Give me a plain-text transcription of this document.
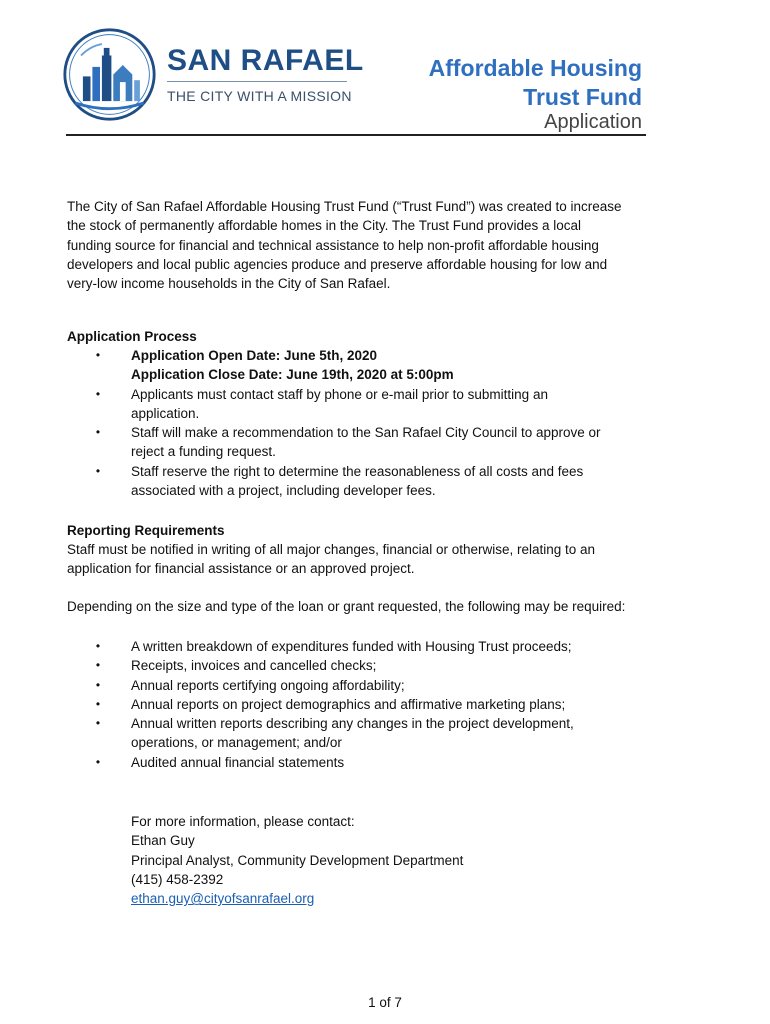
SAN RAFAEL
THE CITY WITH A MISSION
Affordable Housing
Trust Fund
Application
The City of San Rafael Affordable Housing Trust Fund (“Trust Fund”) was created to increase
the stock of permanently affordable homes in the City. The Trust Fund provides a local
funding source for financial and technical assistance to help non-profit affordable housing
developers and local public agencies produce and preserve affordable housing for low and
very-low income households in the City of San Rafael.
Application Process
• Application Open Date: June 5th, 2020
Application Close Date: June 19th, 2020 at 5:00pm
• Applicants must contact staff by phone or e-mail prior to submitting an
application.
• Staff will make a recommendation to the San Rafael City Council to approve or
reject a funding request.
• Staff reserve the right to determine the reasonableness of all costs and fees
associated with a project, including developer fees.
Reporting Requirements
Staff must be notified in writing of all major changes, financial or otherwise, relating to an
application for financial assistance or an approved project.
Depending on the size and type of the loan or grant requested, the following may be required:
• A written breakdown of expenditures funded with Housing Trust proceeds;
• Receipts, invoices and cancelled checks;
• Annual reports certifying ongoing affordability;
• Annual reports on project demographics and affirmative marketing plans;
• Annual written reports describing any changes in the project development,
operations, or management; and/or
• Audited annual financial statements
For more information, please contact:
Ethan Guy
Principal Analyst, Community Development Department
(415) 458-2392
ethan.guy@cityofsanrafael.org
1 of 7
